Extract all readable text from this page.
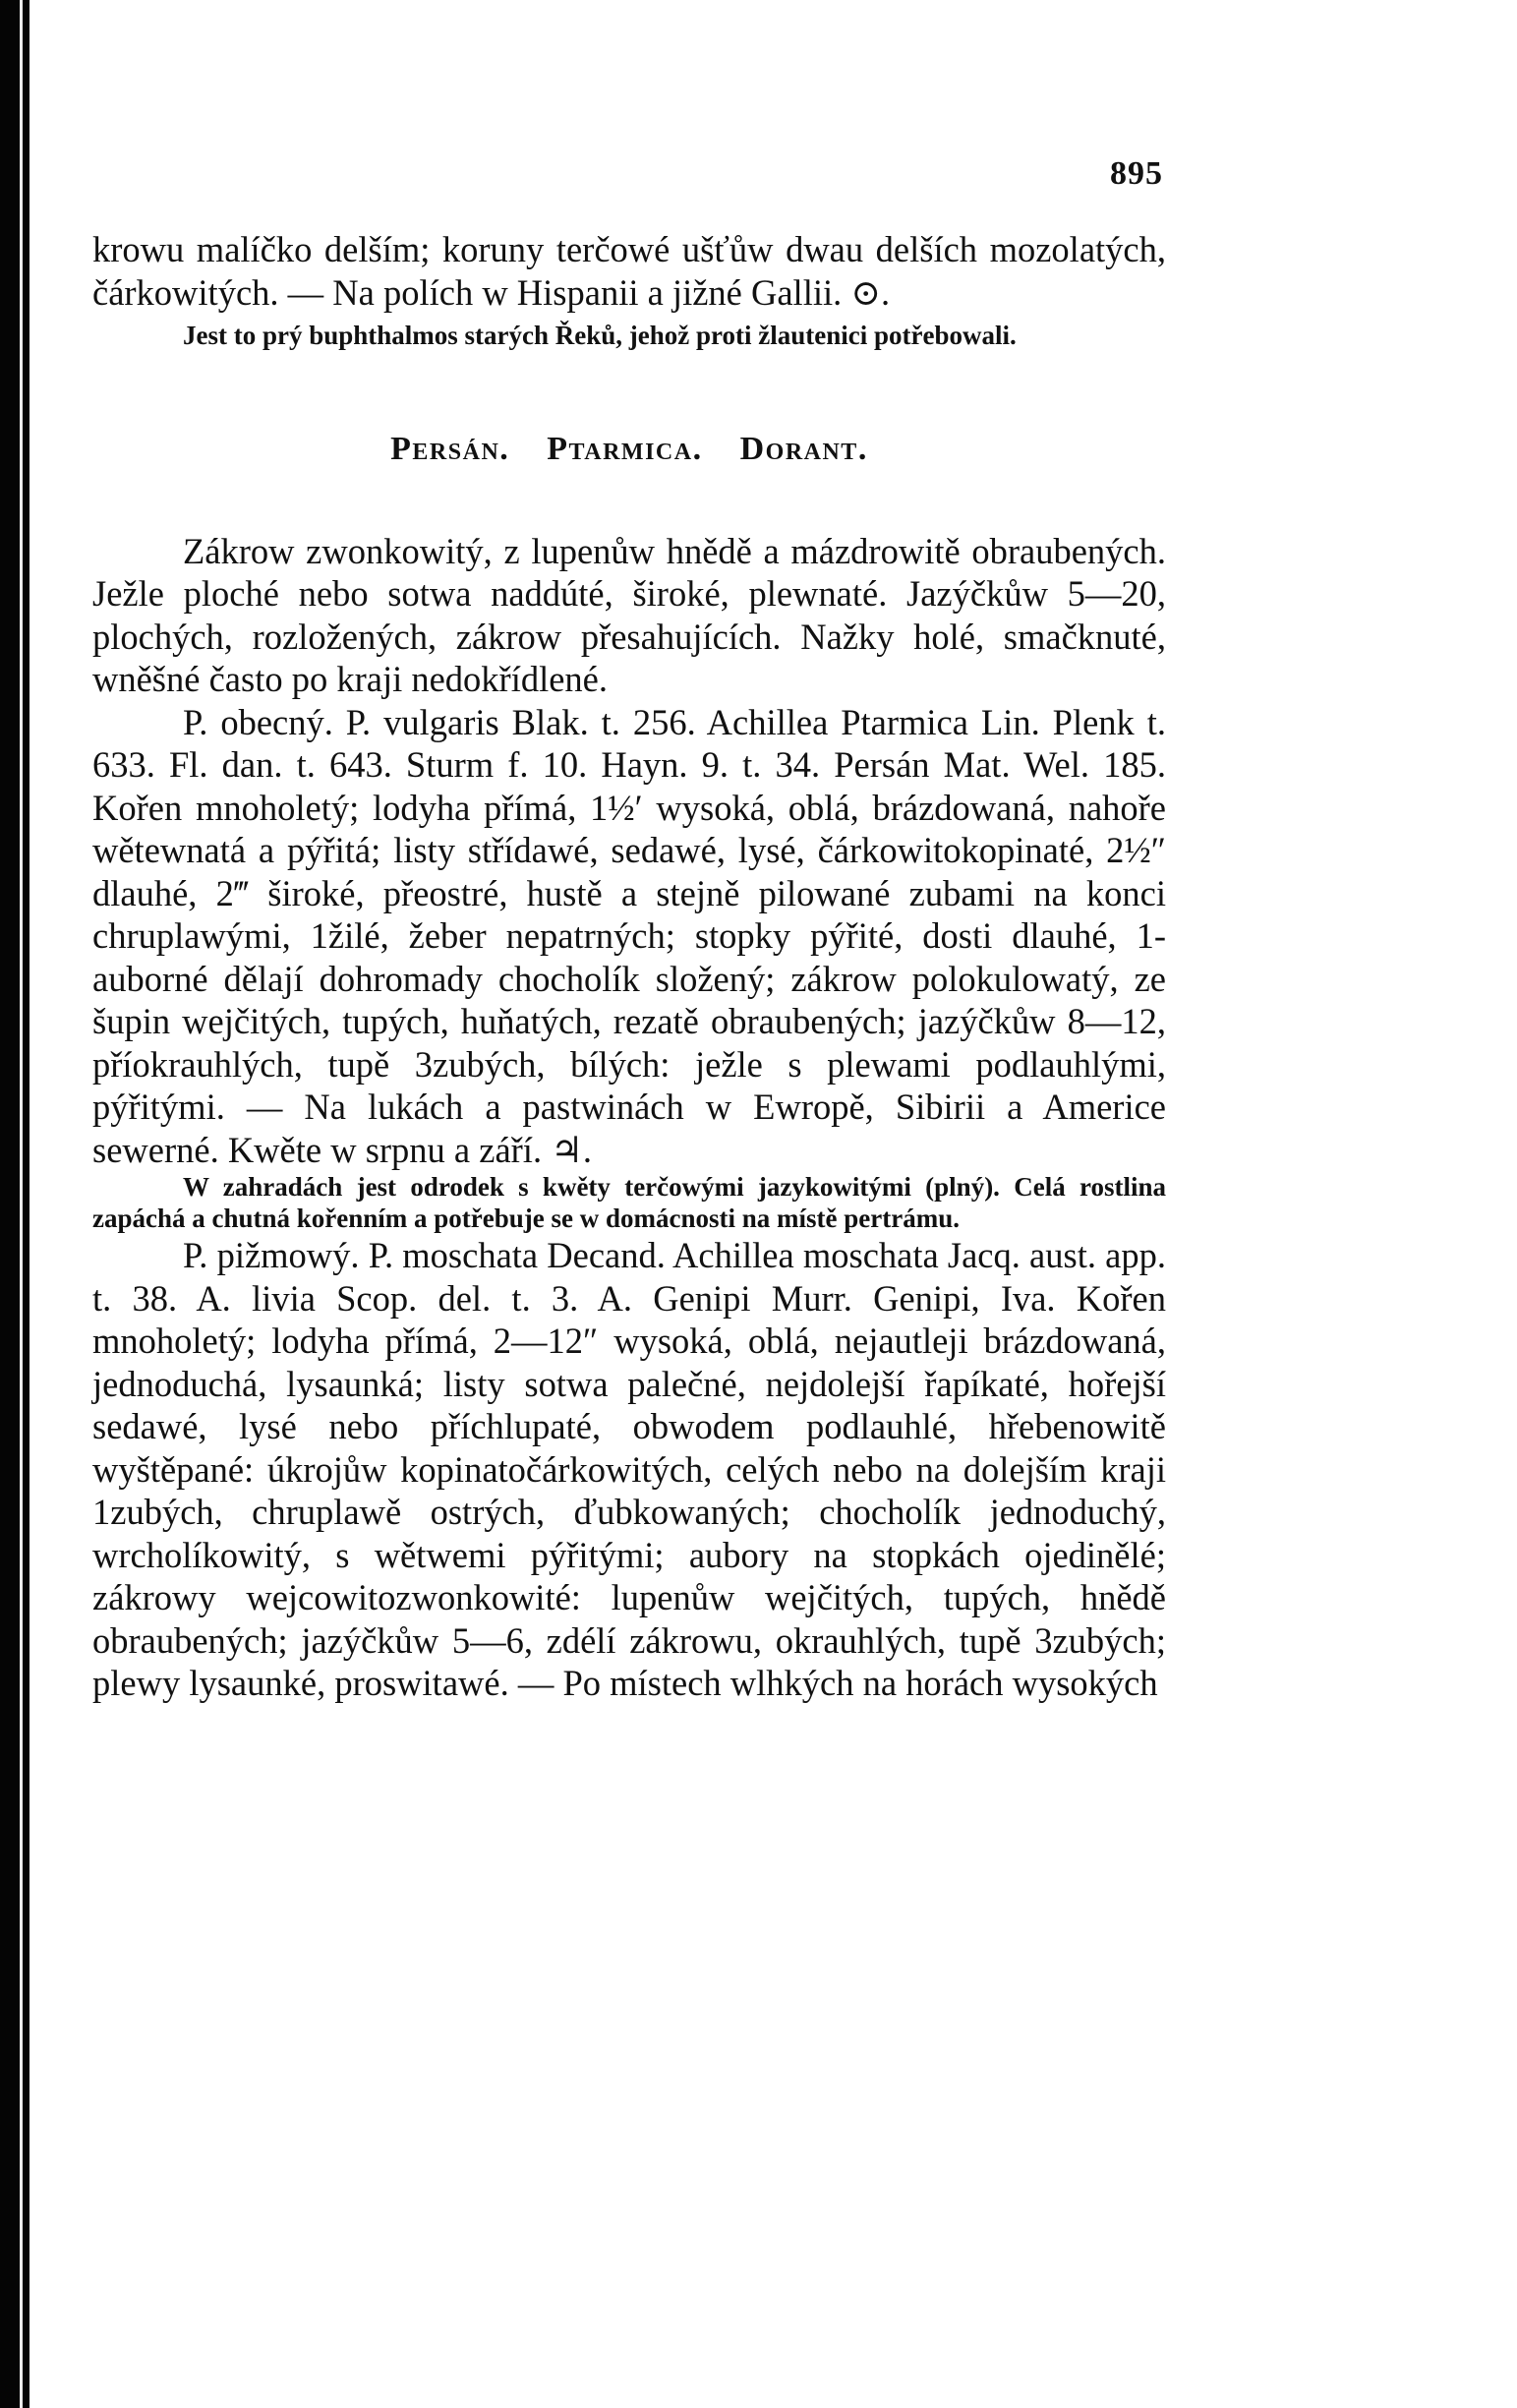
895

krowu malíčko delším; koruny terčowé ušťůw dwau delších mozolatých, čárkowitých. — Na polích w Hispanii a jižné Gallii. ⊙.

Jest to prý buphthalmos starých Řeků, jehož proti žlautenici potřebowali.

Persán. Ptarmica. Dorant.

Zákrow zwonkowitý, z lupenůw hnědě a mázdrowitě obraubených. Ježle ploché nebo sotwa naddúté, široké, plewnaté. Jazýčkůw 5—20, plochých, rozložených, zákrow přesahujících. Nažky holé, smačknuté, wněšné často po kraji nedokřídlené.

P. obecný. P. vulgaris Blak. t. 256. Achillea Ptarmica Lin. Plenk t. 633. Fl. dan. t. 643. Sturm f. 10. Hayn. 9. t. 34. Persán Mat. Wel. 185. Kořen mnoholetý; lodyha přímá, 1½′ wysoká, oblá, brázdowaná, nahoře wětewnatá a pýřitá; listy střídawé, sedawé, lysé, čárkowitokopinaté, 2½″ dlauhé, 2‴ široké, přeostré, hustě a stejně pilowané zubami na konci chruplawými, 1žilé, žeber nepatrných; stopky pýřité, dosti dlauhé, 1-auborné dělají dohromady chocholík složený; zákrow polokulowatý, ze šupin wejčitých, tupých, huňatých, rezatě obraubených; jazýčkůw 8—12, příokrauhlých, tupě 3zubých, bílých: ježle s plewami podlauhlými, pýřitými. — Na lukách a pastwinách w Ewropě, Sibirii a Americe sewerné. Kwěte w srpnu a září. ♃.

W zahradách jest odrodek s kwěty terčowými jazykowitými (plný). Celá rostlina zapáchá a chutná kořenním a potřebuje se w domácnosti na místě pertrámu.

P. pižmowý. P. moschata Decand. Achillea moschata Jacq. aust. app. t. 38. A. livia Scop. del. t. 3. A. Genipi Murr. Genipi, Iva. Kořen mnoholetý; lodyha přímá, 2—12″ wysoká, oblá, nejautleji brázdowaná, jednoduchá, lysaunká; listy sotwa palečné, nejdolejší řapíkaté, hořejší sedawé, lysé nebo příchlupaté, obwodem podlauhlé, hřebenowitě wyštěpané: úkrojůw kopinatočárkowitých, celých nebo na dolejším kraji 1zubých, chruplawě ostrých, ďubkowaných; chocholík jednoduchý, wrcholíkowitý, s wětwemi pýřitými; aubory na stopkách ojedinělé; zákrowy wejcowitozwonkowité: lupenůw wejčitých, tupých, hnědě obraubených; jazýčkůw 5—6, zdélí zákrowu, okrauhlých, tupě 3zubých; plewy lysaunké, proswitawé. — Po místech wlhkých na horách wysokých
